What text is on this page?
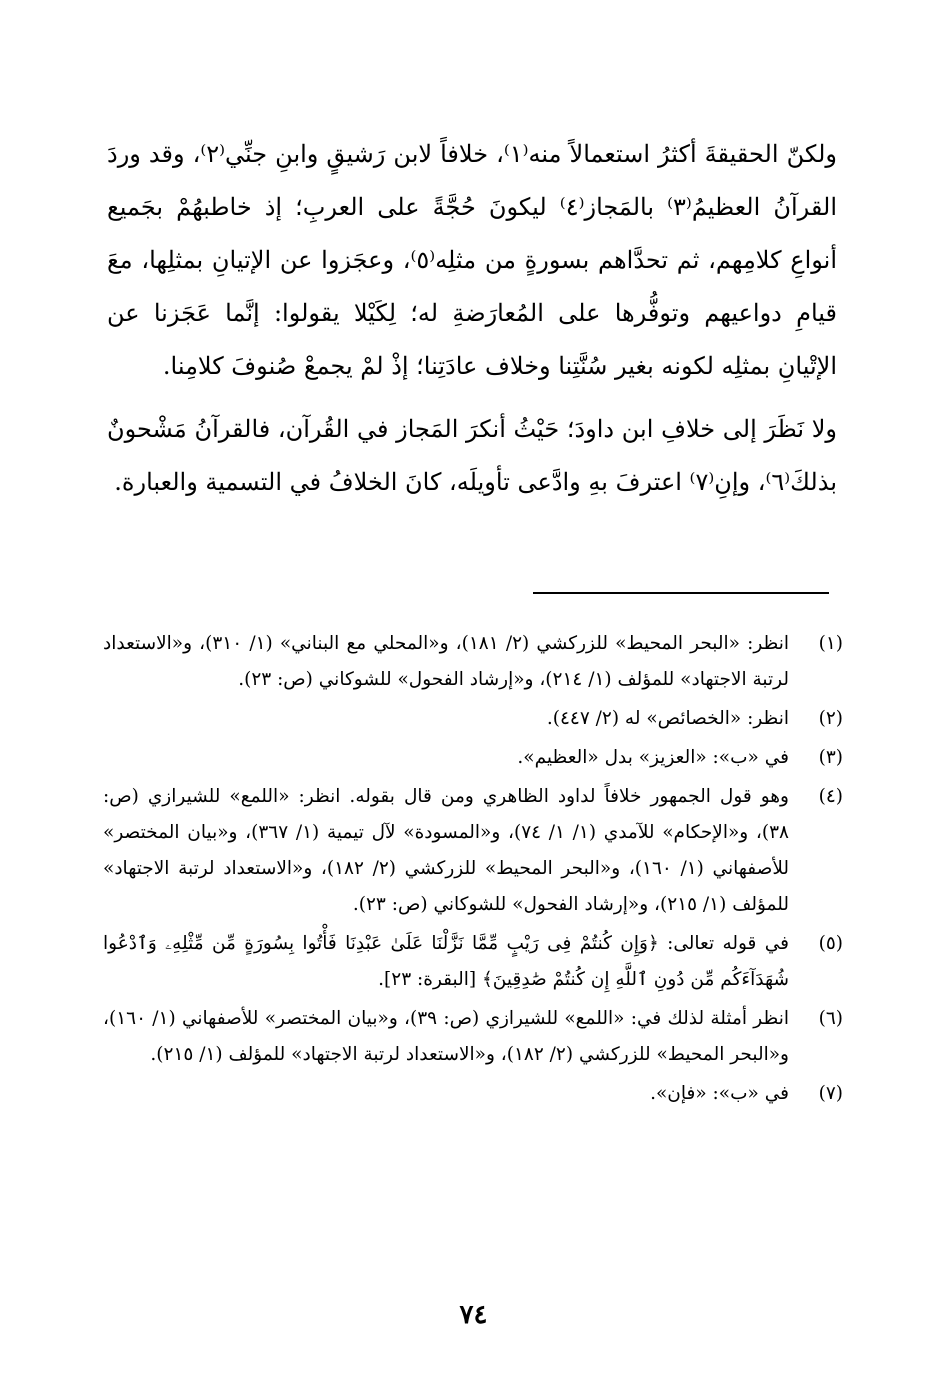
ولكنّ الحقيقةَ أكثرُ استعمالاً منه⁽١⁾، خلافاً لابن رَشيقٍ وابنِ جنِّي⁽٢⁾، وقد وردَ القرآنُ العظيمُ⁽٣⁾ بالمَجاز⁽٤⁾ ليكونَ حُجَّةً على العربِ؛ إذ خاطبهُمْ بجَميع أنواعِ كلامِهم، ثم تحدَّاهم بسورةٍ من مثلِه⁽٥⁾، وعجَزوا عن الإتيانِ بمثلِها، معَ قيامِ دواعيهم وتوفُّرها على المُعارَضةِ له؛ لِكَيْلا يقولوا: إنَّما عَجَزنا عن الإتْيانِ بمثلِه لكونه بغير سُنَّتِنا وخلاف عادَتِنا؛ إذْ لمْ يجمعْ صُنوفَ كلامِنا.

ولا نَظَرَ إلى خلافِ ابن داودَ؛ حَيْثُ أنكرَ المَجاز في القُرآن، فالقرآنُ مَشْحونٌ بذلكَ⁽٦⁾، وإنِ⁽٧⁾ اعترفَ بهِ وادَّعى تأويلَه، كانَ الخلافُ في التسمية والعبارة.

(١)
انظر: «البحر المحيط» للزركشي (٢/ ١٨١)، و«المحلي مع البناني» (١/ ٣١٠)، و«الاستعداد لرتبة الاجتهاد» للمؤلف (١/ ٢١٤)، و«إرشاد الفحول» للشوكاني (ص: ٢٣).
(٢)
انظر: «الخصائص» له (٢/ ٤٤٧).
(٣)
في «ب»: «العزيز» بدل «العظيم».
(٤)
وهو قول الجمهور خلافاً لداود الظاهري ومن قال بقوله. انظر: «اللمع» للشيرازي (ص: ٣٨)، و«الإحكام» للآمدي (١/ ١/ ٧٤)، و«المسودة» لآل تيمية (١/ ٣٦٧)، و«بيان المختصر» للأصفهاني (١/ ١٦٠)، و«البحر المحيط» للزركشي (٢/ ١٨٢)، و«الاستعداد لرتبة الاجتهاد» للمؤلف (١/ ٢١٥)، و«إرشاد الفحول» للشوكاني (ص: ٢٣).
(٥)
في قوله تعالى: ﴿وَإِن كُنتُمْ فِى رَيْبٍ مِّمَّا نَزَّلْنَا عَلَىٰ عَبْدِنَا فَأْتُوا بِسُورَةٍ مِّن مِّثْلِهِۦ وَٱدْعُوا شُهَدَآءَكُم مِّن دُونِ ٱللَّهِ إِن كُنتُمْ صَٰدِقِينَ﴾ [البقرة: ٢٣].
(٦)
انظر أمثلة لذلك في: «اللمع» للشيرازي (ص: ٣٩)، و«بيان المختصر» للأصفهاني (١/ ١٦٠)، و«البحر المحيط» للزركشي (٢/ ١٨٢)، و«الاستعداد لرتبة الاجتهاد» للمؤلف (١/ ٢١٥).
(٧)
في «ب»: «فإن».
٧٤
